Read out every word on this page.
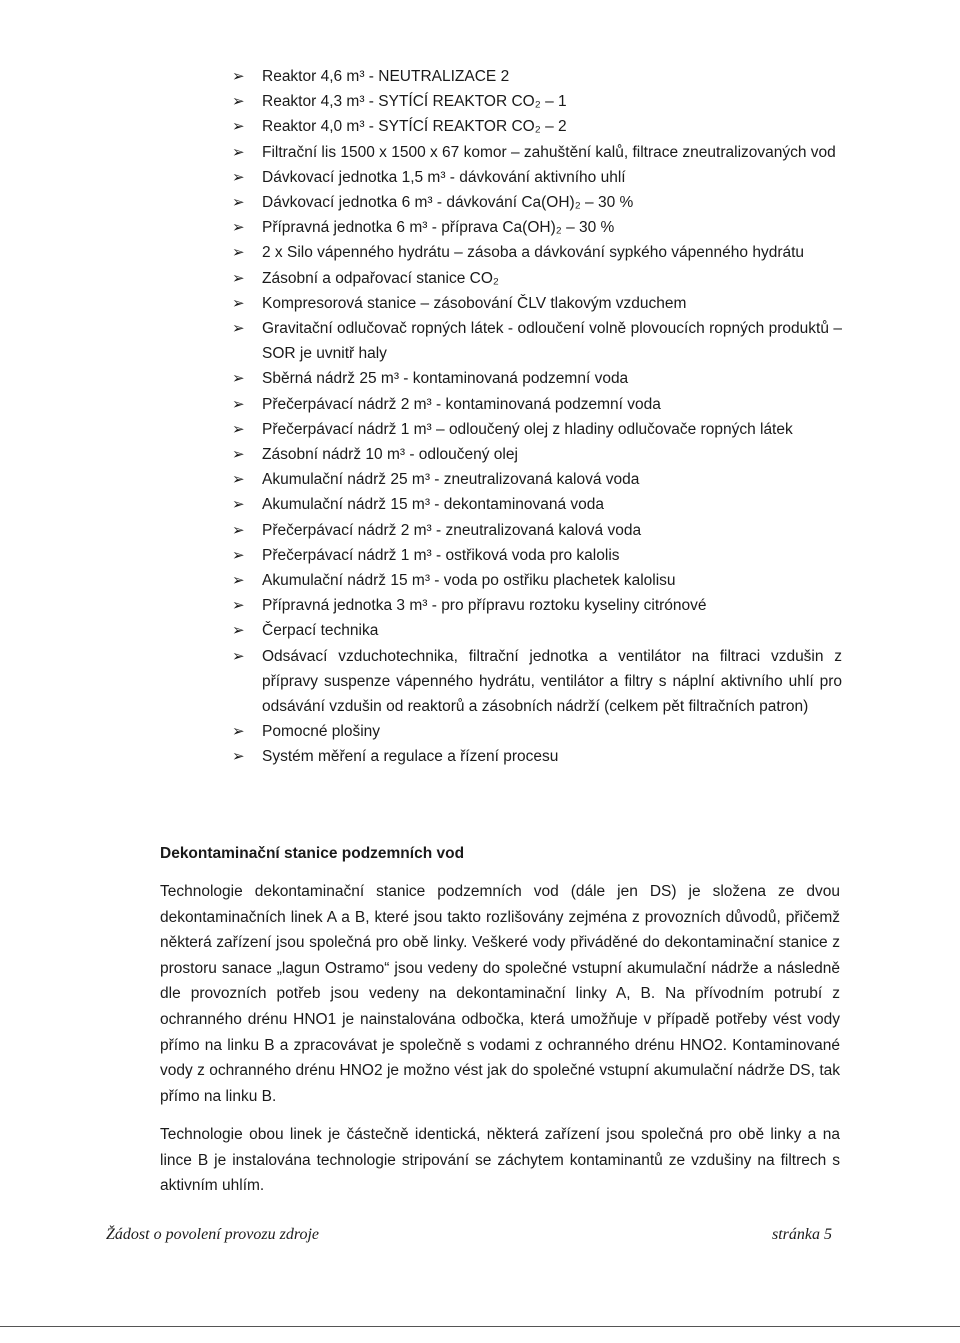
➢ Reaktor 4,6 m³ - NEUTRALIZACE 2
➢ Reaktor 4,3 m³ - SYTÍCÍ REAKTOR CO₂ – 1
➢ Reaktor 4,0 m³ - SYTÍCÍ REAKTOR CO₂ – 2
➢ Filtrační lis 1500 x 1500 x 67 komor – zahuštění kalů, filtrace zneutralizovaných vod
➢ Dávkovací jednotka 1,5 m³ - dávkování aktivního uhlí
➢ Dávkovací jednotka 6 m³ - dávkování Ca(OH)₂ – 30 %
➢ Přípravná jednotka 6 m³ - příprava Ca(OH)₂ – 30 %
➢ 2 x Silo vápenného hydrátu – zásoba a dávkování sypkého vápenného hydrátu
➢ Zásobní a odpařovací stanice CO₂
➢ Kompresorová stanice – zásobování ČLV tlakovým vzduchem
➢ Gravitační odlučovač ropných látek - odloučení volně plovoucích ropných produktů – SOR je uvnitř haly
➢ Sběrná nádrž 25 m³ - kontaminovaná podzemní voda
➢ Přečerpávací nádrž 2 m³ - kontaminovaná podzemní voda
➢ Přečerpávací nádrž 1 m³ – odloučený olej z hladiny odlučovače ropných látek
➢ Zásobní nádrž 10 m³ - odloučený olej
➢ Akumulační nádrž 25 m³ - zneutralizovaná kalová voda
➢ Akumulační nádrž 15 m³ - dekontaminovaná voda
➢ Přečerpávací nádrž 2 m³ - zneutralizovaná kalová voda
➢ Přečerpávací nádrž 1 m³ - ostřiková voda pro kalolis
➢ Akumulační nádrž 15 m³ - voda po ostřiku plachetek kalolisu
➢ Přípravná jednotka 3 m³ - pro přípravu roztoku kyseliny citrónové
➢ Čerpací technika
➢ Odsávací vzduchotechnika, filtrační jednotka a ventilátor na filtraci vzdušin z přípravy suspenze vápenného hydrátu, ventilátor a filtry s náplní aktivního uhlí pro odsávání vzdušin od reaktorů a zásobních nádrží (celkem pět filtračních patron)
➢ Pomocné plošiny
➢ Systém měření a regulace a řízení procesu
Dekontaminační stanice podzemních vod

Technologie dekontaminační stanice podzemních vod (dále jen DS) je složena ze dvou dekontaminačních linek A a B, které jsou takto rozlišovány zejména z provozních důvodů, přičemž některá zařízení jsou společná pro obě linky. Veškeré vody přiváděné do dekontaminační stanice z prostoru sanace „lagun Ostramo“ jsou vedeny do společné vstupní akumulační nádrže a následně dle provozních potřeb jsou vedeny na dekontaminační linky A, B. Na přívodním potrubí z ochranného drénu HNO1 je nainstalována odbočka, která umožňuje v případě potřeby vést vody přímo na linku B a zpracovávat je společně s vodami z ochranného drénu HNO2. Kontaminované vody z ochranného drénu HNO2 je možno vést jak do společné vstupní akumulační nádrže DS, tak přímo na linku B.

Technologie obou linek je částečně identická, některá zařízení jsou společná pro obě linky a na lince B je instalována technologie stripování se záchytem kontaminantů ze vzdušiny na filtrech s aktivním uhlím.

Žádost o povolení provozu zdroje	stránka 5
